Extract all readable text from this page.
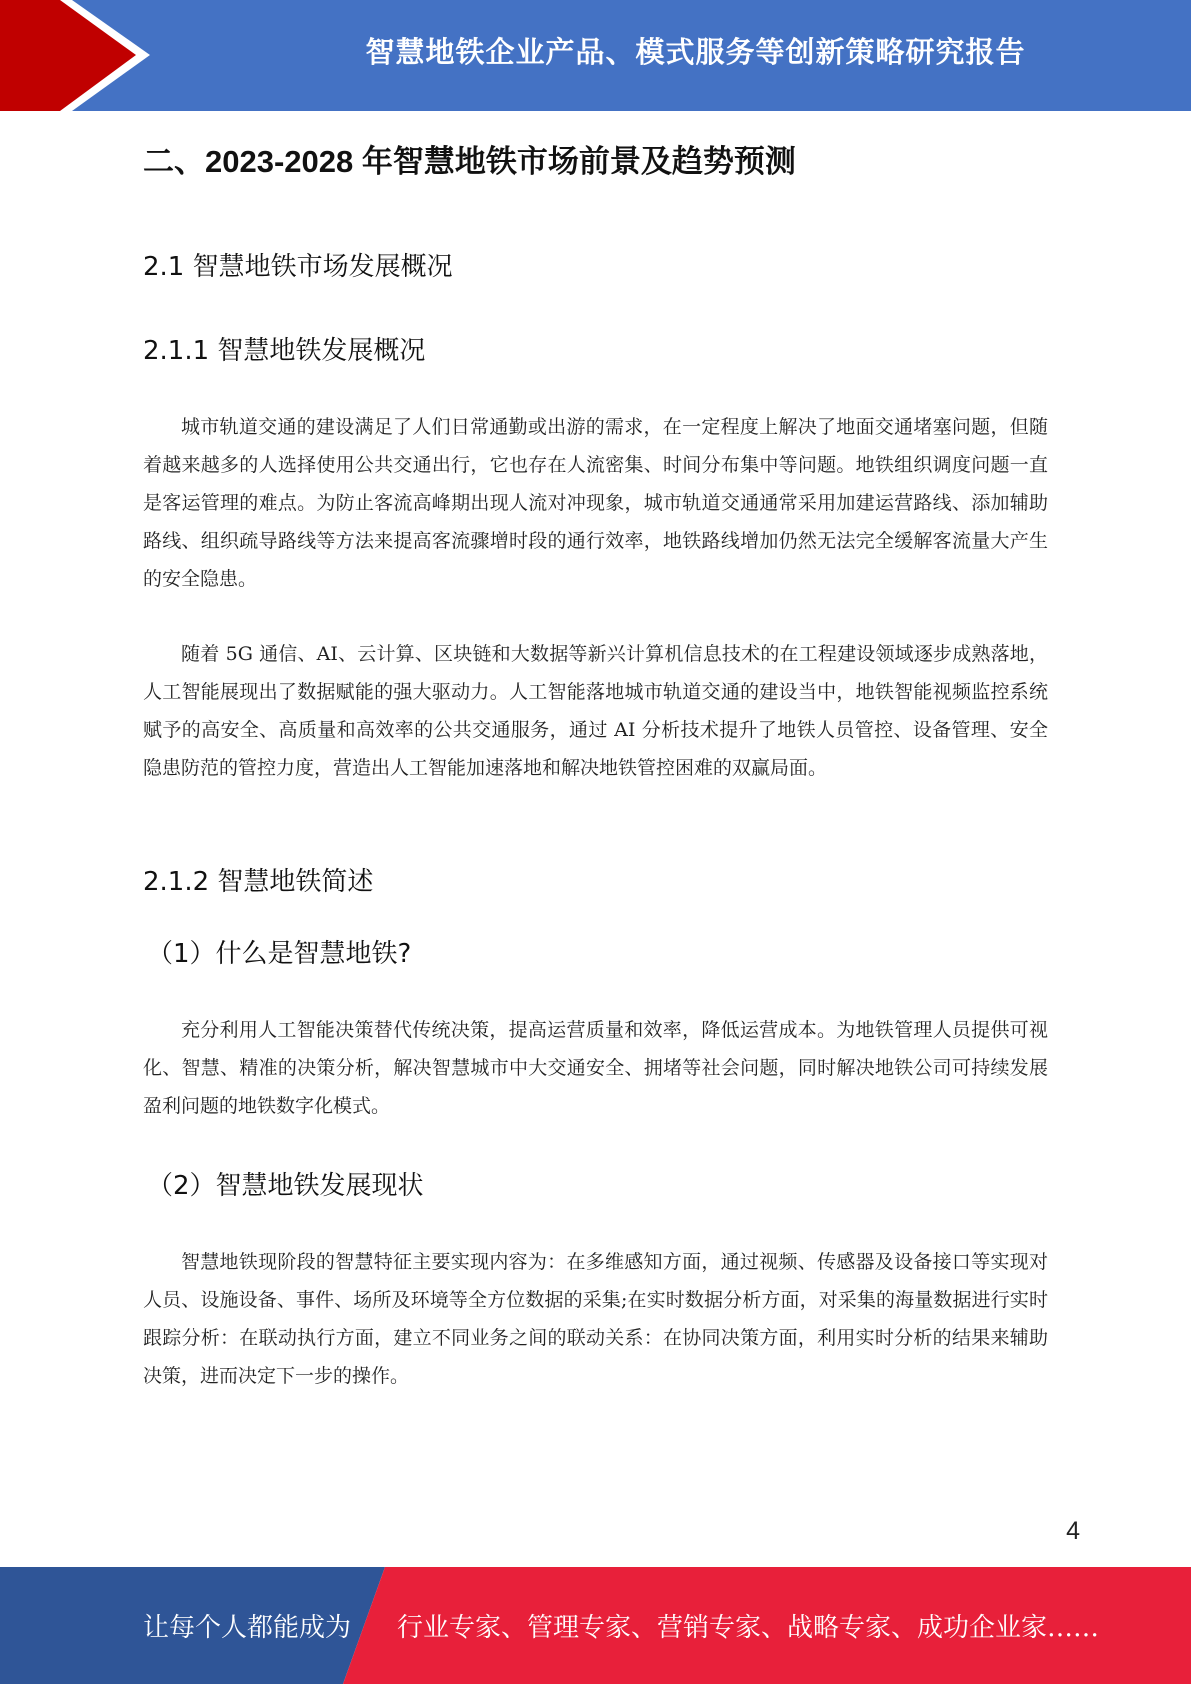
智慧地铁企业产品、模式服务等创新策略研究报告
二、2023-2028 年智慧地铁市场前景及趋势预测
2.1 智慧地铁市场发展概况
2.1.1 智慧地铁发展概况

城市轨道交通的建设满足了人们日常通勤或出游的需求，在一定程度上解决了地面交通堵塞问题，但随着越来越多的人选择使用公共交通出行，它也存在人流密集、时间分布集中等问题。地铁组织调度问题一直是客运管理的难点。为防止客流高峰期出现人流对冲现象，城市轨道交通通常采用加建运营路线、添加辅助路线、组织疏导路线等方法来提高客流骤增时段的通行效率，地铁路线增加仍然无法完全缓解客流量大产生的安全隐患。

随着 5G 通信、AI、云计算、区块链和大数据等新兴计算机信息技术的在工程建设领域逐步成熟落地，人工智能展现出了数据赋能的强大驱动力。人工智能落地城市轨道交通的建设当中，地铁智能视频监控系统赋予的高安全、高质量和高效率的公共交通服务，通过 AI 分析技术提升了地铁人员管控、设备管理、安全隐患防范的管控力度，营造出人工智能加速落地和解决地铁管控困难的双赢局面。

2.1.2 智慧地铁简述
（1）什么是智慧地铁?

充分利用人工智能决策替代传统决策，提高运营质量和效率，降低运营成本。为地铁管理人员提供可视化、智慧、精准的决策分析，解决智慧城市中大交通安全、拥堵等社会问题，同时解决地铁公司可持续发展盈利问题的地铁数字化模式。

（2）智慧地铁发展现状

智慧地铁现阶段的智慧特征主要实现内容为：在多维感知方面，通过视频、传感器及设备接口等实现对人员、设施设备、事件、场所及环境等全方位数据的采集;在实时数据分析方面，对采集的海量数据进行实时跟踪分析：在联动执行方面，建立不同业务之间的联动关系：在协同决策方面，利用实时分析的结果来辅助决策，进而决定下一步的操作。

4
让每个人都能成为 行业专家、管理专家、营销专家、战略专家、成功企业家……
